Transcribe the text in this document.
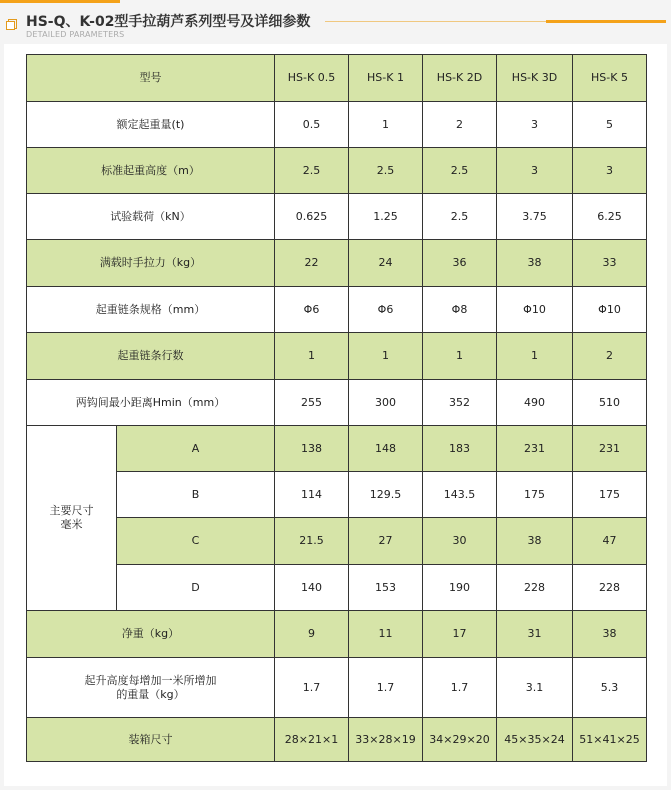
HS-Q、K-02型手拉葫芦系列型号及详细参数
DETAILED PARAMETERS
型号		HS-K 0.5	HS-K 1	HS-K 2D	HS-K 3D	HS-K 5
额定起重量(t)		0.5	1	2	3	5
标准起重高度（m）		2.5	2.5	2.5	3	3
试验载荷（kN）		0.625	1.25	2.5	3.75	6.25
满载时手拉力（kg）		22	24	36	38	33
起重链条规格（mm）		Φ6	Φ6	Φ8	Φ10	Φ10
起重链条行数		1	1	1	1	2
两钩间最小距离Hmin（mm）		255	300	352	490	510

主要尺寸
毫米	A	138	148	183	231	231
	B	114	129.5	143.5	175	175
	C	21.5	27	30	38	47
	D	140	153	190	228	228
净重（kg）		9	11	17	31	38

起升高度每增加一米所增加
的重量（kg）		1.7	1.7	1.7	3.1	5.3
装箱尺寸		28×21×1	33×28×19	34×29×20	45×35×24	51×41×25
